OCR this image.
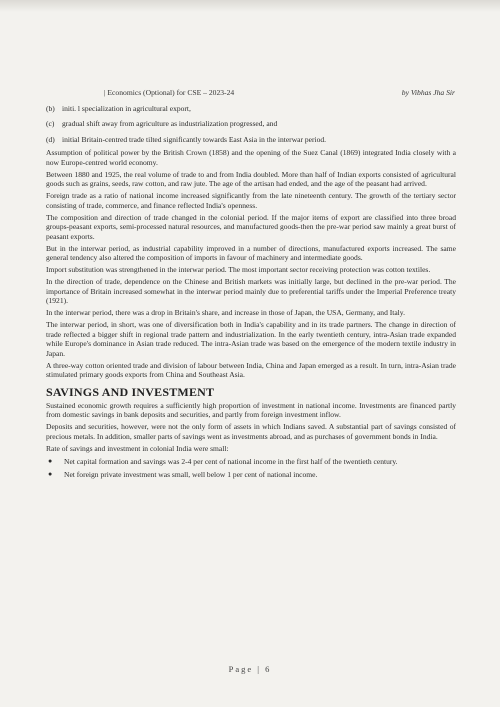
| Economics (Optional) for CSE – 2023-24	by Vibhas Jha Sir
(b) initi. l specialization in agricultural export,
(c)	gradual shift away from agriculture as industrialization progressed, and
(d) initial Britain-centred trade tilted significantly towards East Asia in the interwar period.

Assumption of political power by the British Crown (1858) and the opening of the Suez Canal (1869) integrated India closely with a now Europe-centred world economy.

Between 1880 and 1925, the real volume of trade to and from India doubled. More than half of Indian exports consisted of agricultural goods such as grains, seeds, raw cotton, and raw jute. The age of the artisan had ended, and the age of the peasant had arrived.

Foreign trade as a ratio of national income increased significantly from the late nineteenth century. The growth of the tertiary sector consisting of trade, commerce, and finance reflected India's openness.

The composition and direction of trade changed in the colonial period. If the major items of export are classified into three broad groups-peasant exports, semi-processed natural resources, and manufactured goods-then the pre-war period saw mainly a great burst of peasant exports.

But in the interwar period, as industrial capability improved in a number of directions, manufactured exports increased. The same general tendency also altered the composition of imports in favour of machinery and intermediate goods.

Import substitution was strengthened in the interwar period. The most important sector receiving protection was cotton textiles.

In the direction of trade, dependence on the Chinese and British markets was initially large, but declined in the pre-war period. The importance of Britain increased somewhat in the interwar period mainly due to preferential tariffs under the Imperial Preference treaty (1921).

In the interwar period, there was a drop in Britain's share, and increase in those of Japan, the USA, Germany, and Italy.

The interwar period, in short, was one of diversification both in India's capability and in its trade partners. The change in direction of trade reflected a bigger shift in regional trade pattern and industrialization. In the early twentieth century, intra-Asian trade expanded while Europe's dominance in Asian trade reduced. The intra-Asian trade was based on the emergence of the modern textile industry in Japan.

A three-way cotton oriented trade and division of labour between India, China and Japan emerged as a result. In turn, intra-Asian trade stimulated primary goods exports from China and Southeast Asia.

SAVINGS AND INVESTMENT

Sustained economic growth requires a sufficiently high proportion of investment in national income. Investments are financed partly from domestic savings in bank deposits and securities, and partly from foreign investment inflow.

Deposits and securities, however, were not the only form of assets in which Indians saved. A substantial part of savings consisted of precious metals. In addition, smaller parts of savings went as investments abroad, and as purchases of government bonds in India.

Rate of savings and investment in colonial India were small:

●	Net capital formation and savings was 2-4 per cent of national income in the first half of the twentieth century.
●	Net foreign private investment was small, well below 1 per cent of national income.
Page | 6
